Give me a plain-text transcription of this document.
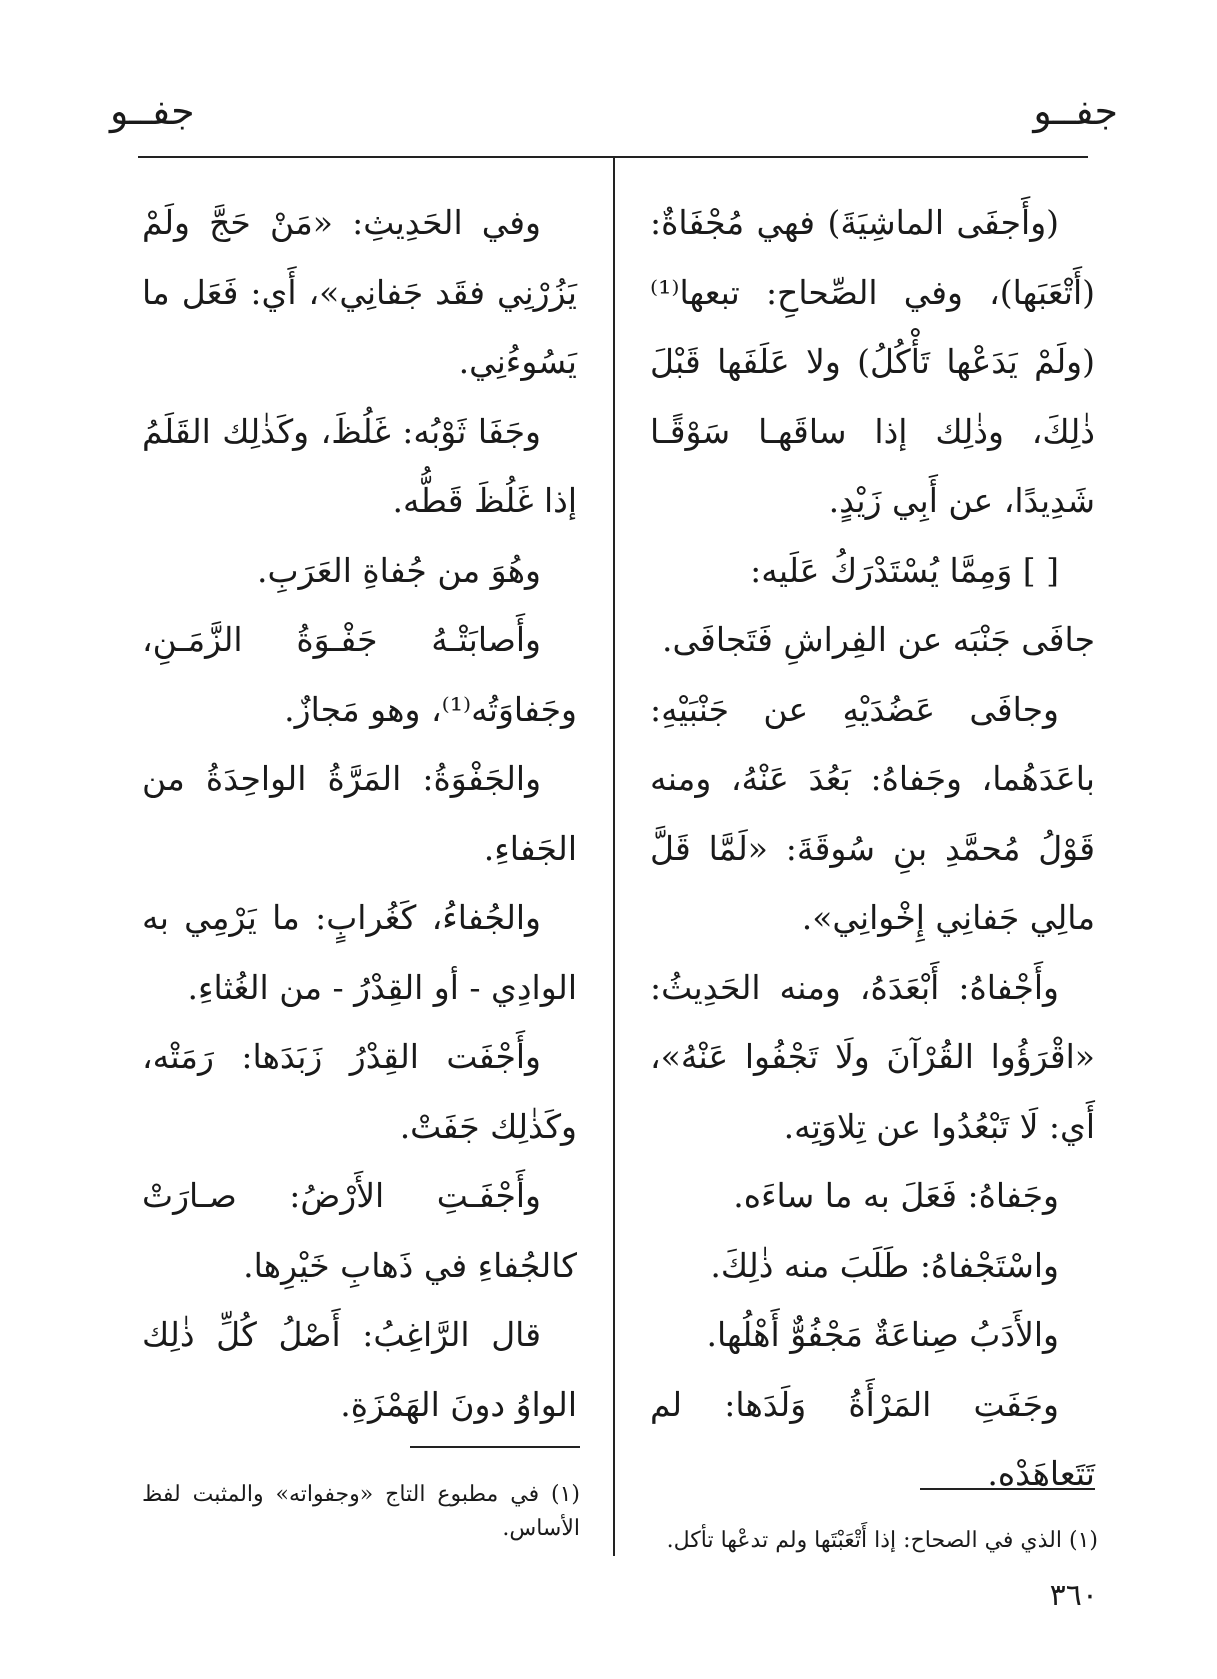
جفــو
جفــو

(وأَجفَى الماشِيَةَ) فهي مُجْفَاةٌ: (أَتْعَبَها)، وفي الصِّحاحِ: تبعها⁽¹⁾ (ولَمْ يَدَعْها تَأْكُلُ) ولا عَلَفَها قَبْلَ ذٰلِكَ، وذٰلِك إذا ساقَهـا سَوْقًـا شَدِيدًا، عن أَبِي زَيْدٍ.

[ ] وَمِمَّا يُسْتَدْرَكُ عَلَيه:

جافَى جَنْبَه عن الفِراشِ فَتَجافَى.

وجافَى عَضُدَيْهِ عن جَنْبَيْهِ: باعَدَهُما، وجَفاهُ: بَعُدَ عَنْهُ، ومنه قَوْلُ مُحمَّدِ بنِ سُوقَةَ: «لَمَّا قَلَّ مالِي جَفانِي إِخْوانِي».

وأَجْفاهُ: أَبْعَدَهُ، ومنه الحَدِيثُ: «اقْرَؤُوا القُرْآنَ ولَا تَجْفُوا عَنْهُ»، أَي: لَا تَبْعُدُوا عن تِلاوَتِه.

وجَفاهُ: فَعَلَ به ما ساءَه.

واسْتَجْفاهُ: طَلَبَ منه ذٰلِكَ.

والأَدَبُ صِناعَةٌ مَجْفُوٌّ أَهْلُها.

وجَفَتِ المَرْأَةُ وَلَدَها: لم تَتَعاهَدْه.

وفي الحَدِيثِ: «مَنْ حَجَّ ولَمْ يَزُرْنِي فقَد جَفانِي»، أَي: فَعَل ما يَسُوءُنِي.

وجَفَا ثَوْبُه: غَلُظَ، وكَذٰلِك القَلَمُ إذا غَلُظَ قَطُّه.

وهُوَ من جُفاةِ العَرَبِ.

وأَصابَتْـهُ جَفْـوَةُ الزَّمَـنِ، وجَفاوَتُه⁽¹⁾، وهو مَجازٌ.

والجَفْوَةُ: المَرَّةُ الواحِدَةُ من الجَفاءِ.

والجُفاءُ، كَغُرابٍ: ما يَرْمِي به الوادِي - أو القِدْرُ - من الغُثاءِ.

وأَجْفَت القِدْرُ زَبَدَها: رَمَتْه، وكَذٰلِك جَفَتْ.

وأَجْفَـتِ الأَرْضُ: صـارَتْ كالجُفاءِ في ذَهابِ خَيْرِها.

قال الرَّاغِبُ: أَصْلُ كُلِّ ذٰلِك الواوُ دونَ الهَمْزَةِ.

(١) الذي في الصحاح: إذا أَتْعَبْتَها ولم تدعْها تأكل.
(١) في مطبوع التاج «وجفواته» والمثبت لفظ الأساس.
٣٦٠
